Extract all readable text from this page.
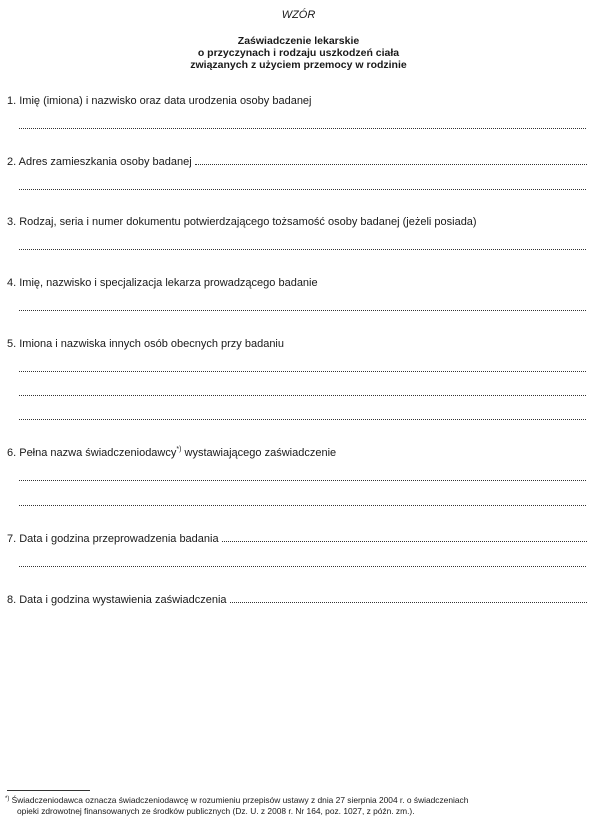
WZÓR
Zaświadczenie lekarskie
o przyczynach i rodzaju uszkodzeń ciała
związanych z użyciem przemocy w rodzinie
1. Imię (imiona) i nazwisko oraz data urodzenia osoby badanej
2. Adres zamieszkania osoby badanej
3. Rodzaj, seria i numer dokumentu potwierdzającego tożsamość osoby badanej (jeżeli posiada)
4. Imię, nazwisko i specjalizacja lekarza prowadzącego badanie
5. Imiona i nazwiska innych osób obecnych przy badaniu
6. Pełna nazwa świadczeniodawcy*) wystawiającego zaświadczenie
7. Data i godzina przeprowadzenia badania
8. Data i godzina wystawienia zaświadczenia
*) Świadczeniodawca oznacza świadczeniodawcę w rozumieniu przepisów ustawy z dnia 27 sierpnia 2004 r. o świadczeniach
opieki zdrowotnej finansowanych ze środków publicznych (Dz. U. z 2008 r. Nr 164, poz. 1027, z późn. zm.).
